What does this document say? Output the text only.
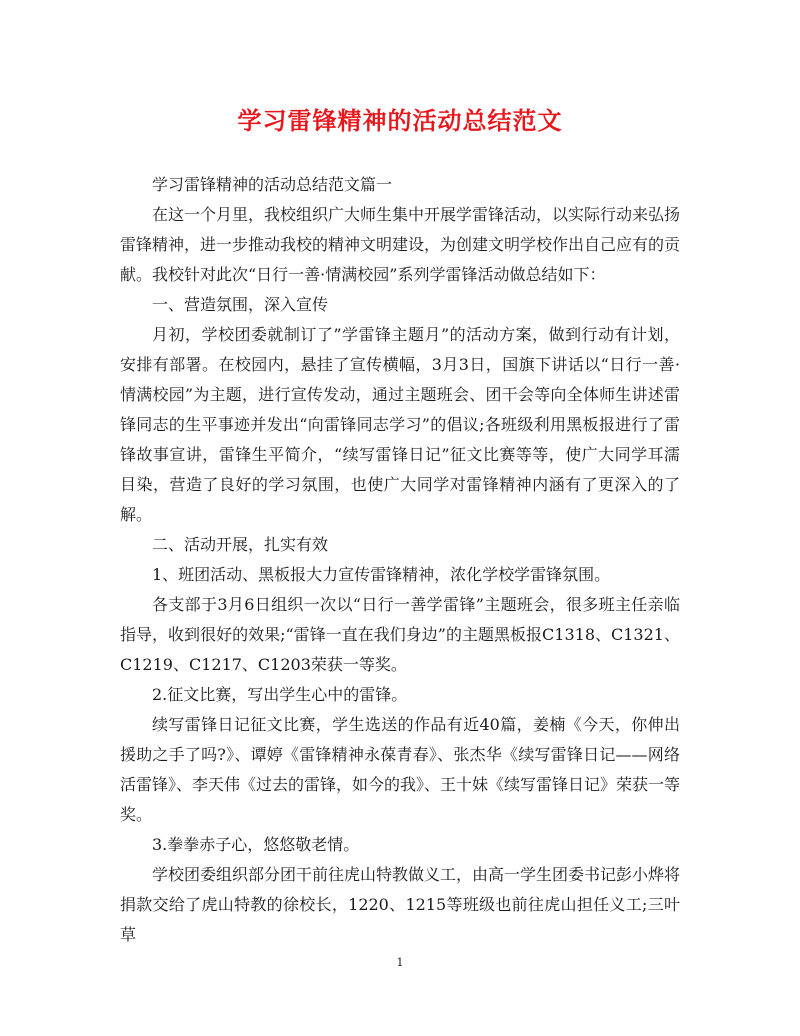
学习雷锋精神的活动总结范文

学习雷锋精神的活动总结范文篇一

在这一个月里，我校组织广大师生集中开展学雷锋活动，以实际行动来弘扬雷锋精神，进一步推动我校的精神文明建设，为创建文明学校作出自己应有的贡献。我校针对此次“日行一善·情满校园”系列学雷锋活动做总结如下：

一、营造氛围，深入宣传

月初，学校团委就制订了”学雷锋主题月”的活动方案，做到行动有计划，安排有部署。在校园内，悬挂了宣传横幅，3月3日，国旗下讲话以“日行一善·情满校园”为主题，进行宣传发动，通过主题班会、团干会等向全体师生讲述雷锋同志的生平事迹并发出“向雷锋同志学习”的倡议;各班级利用黑板报进行了雷锋故事宣讲，雷锋生平简介，“续写雷锋日记”征文比赛等等，使广大同学耳濡目染，营造了良好的学习氛围，也使广大同学对雷锋精神内涵有了更深入的了解。

二、活动开展，扎实有效

1、班团活动、黑板报大力宣传雷锋精神，浓化学校学雷锋氛围。

各支部于3月6日组织一次以“日行一善学雷锋”主题班会，很多班主任亲临指导，收到很好的效果;“雷锋一直在我们身边”的主题黑板报C1318、C1321、C1219、C1217、C1203荣获一等奖。

2.征文比赛，写出学生心中的雷锋。

续写雷锋日记征文比赛，学生选送的作品有近40篇，姜楠《今天，你伸出援助之手了吗?》、谭婷《雷锋精神永葆青春》、张杰华《续写雷锋日记——网络活雷锋》、李天伟《过去的雷锋，如今的我》、王十妹《续写雷锋日记》荣获一等奖。

3.拳拳赤子心，悠悠敬老情。

学校团委组织部分团干前往虎山特教做义工，由高一学生团委书记彭小烨将捐款交给了虎山特教的徐校长，1220、1215等班级也前往虎山担任义工;三叶草

1
